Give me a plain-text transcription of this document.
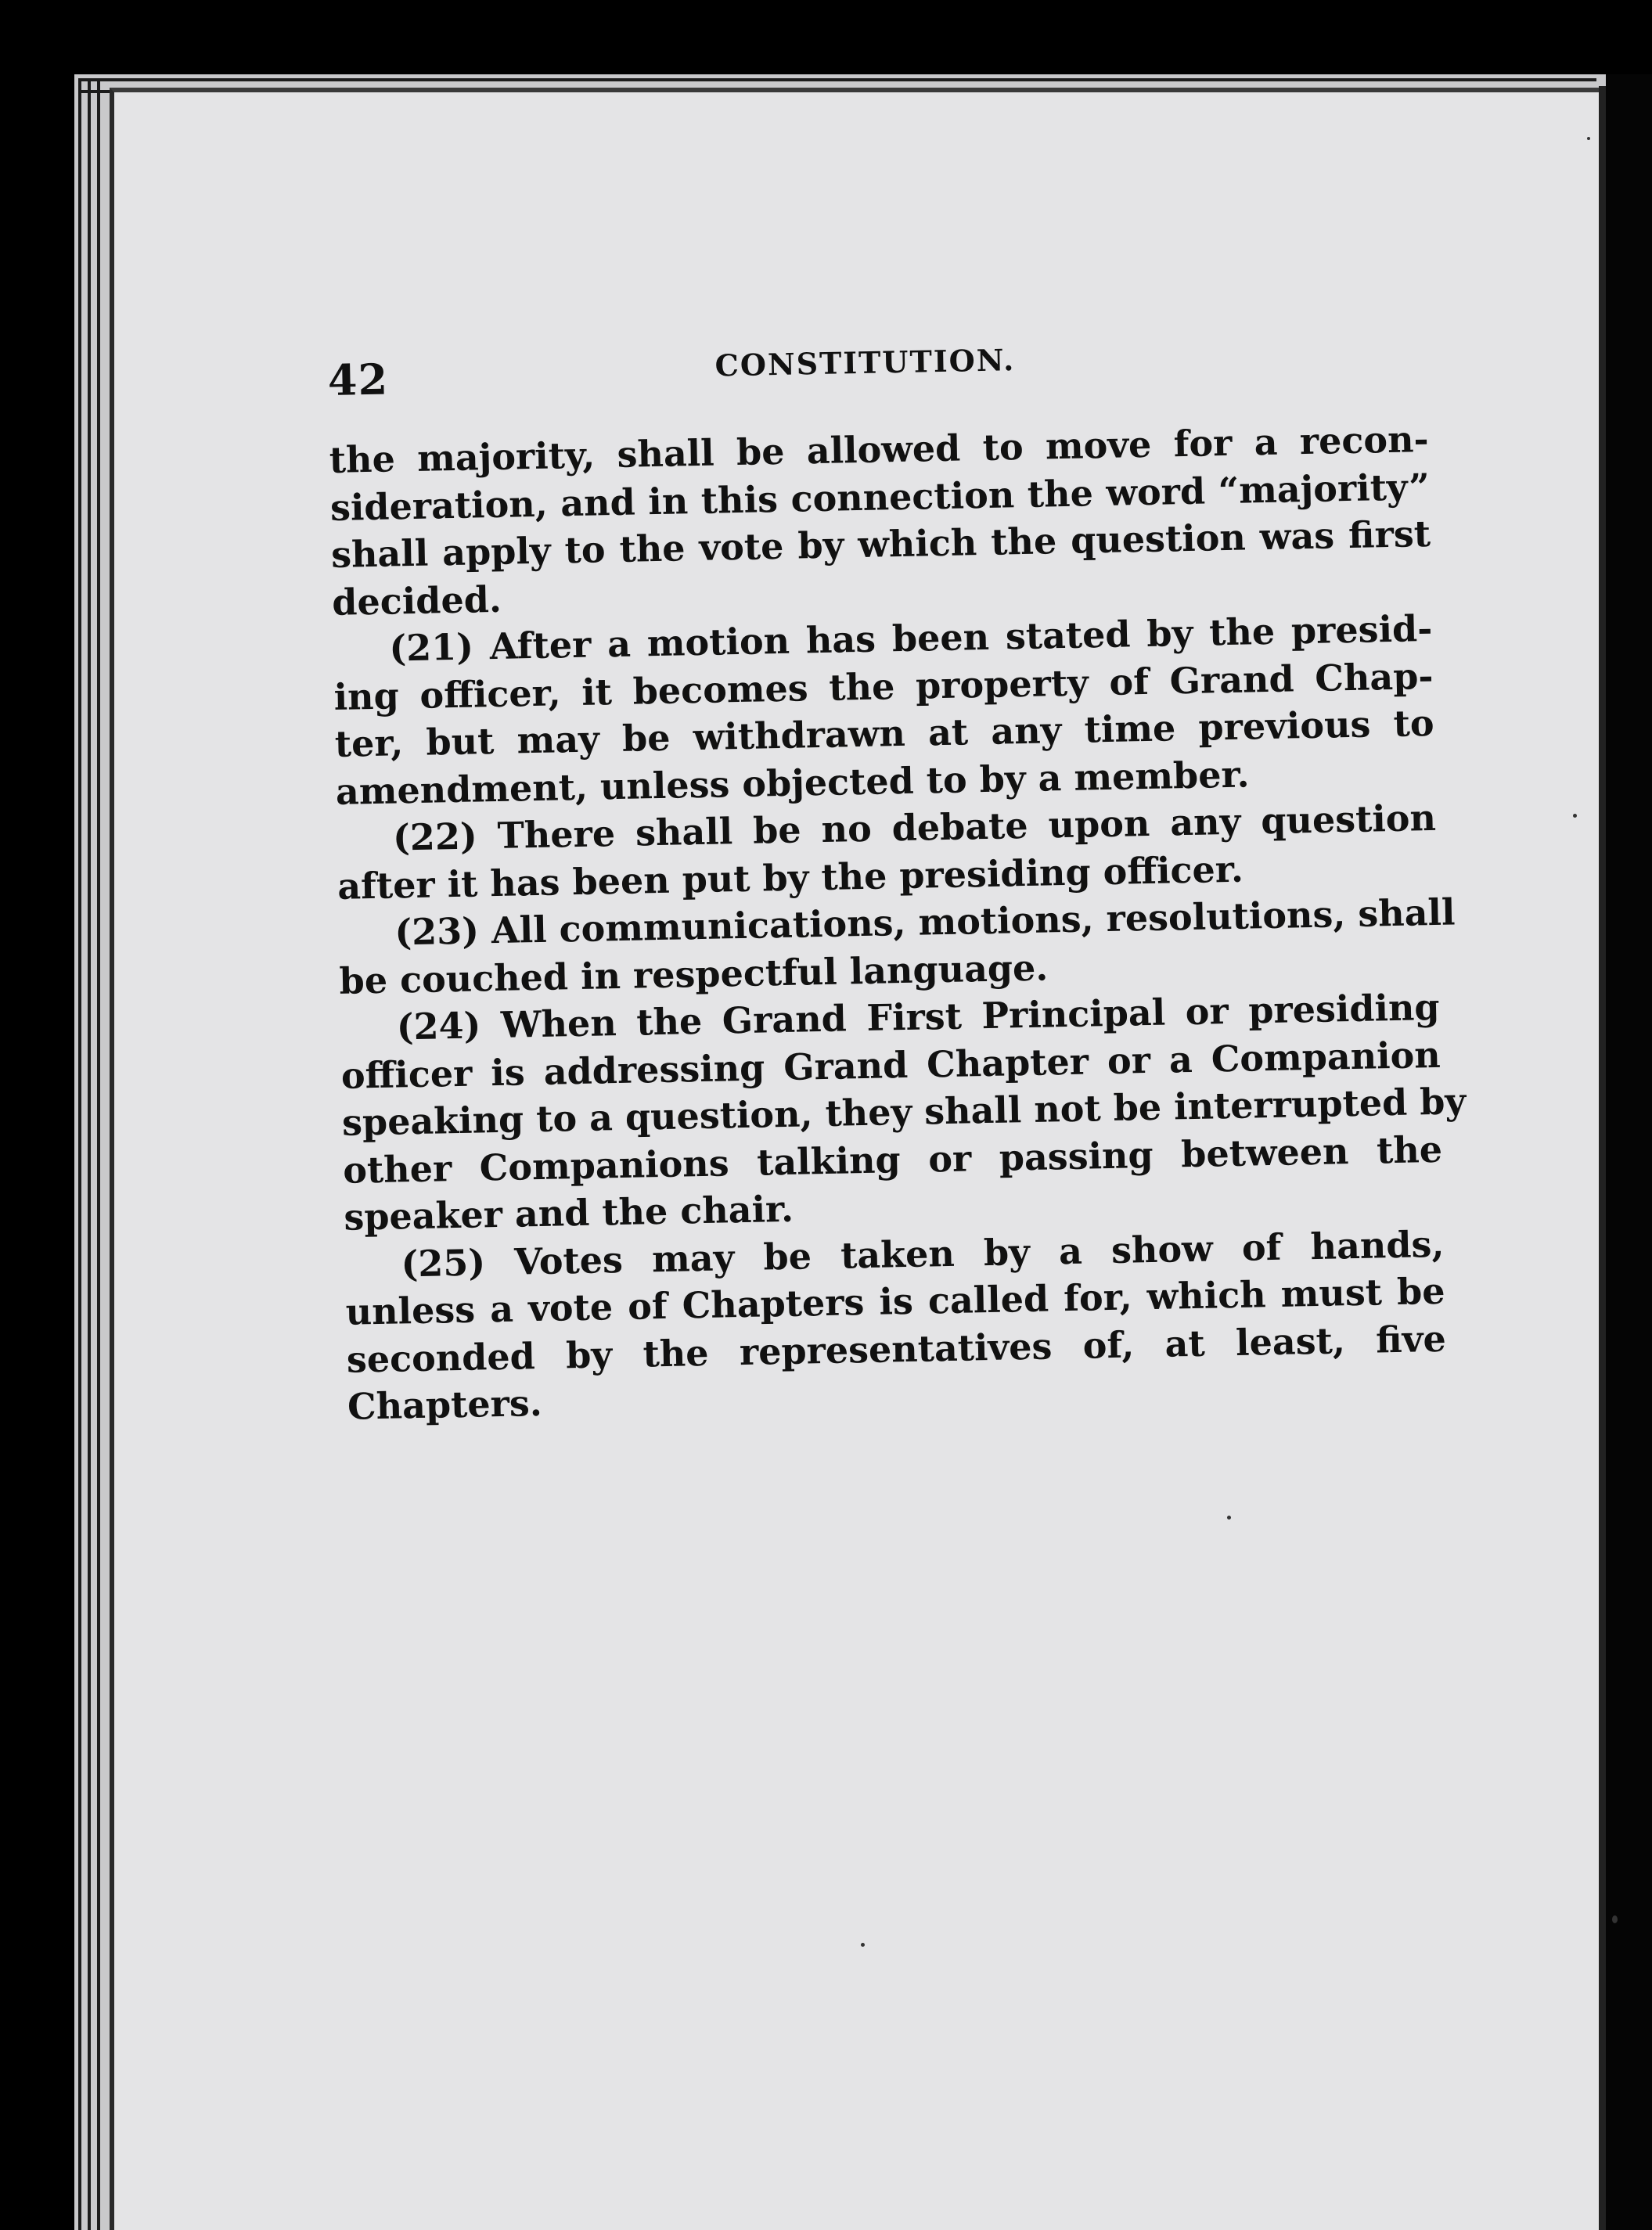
42	CONSTITUTION.

the majority, shall be allowed to move for a recon-
sideration, and in this connection the word “majority”
shall apply to the vote by which the question was first
decided.

(21) After a motion has been stated by the presid-
ing officer, it becomes the property of Grand Chap-
ter, but may be withdrawn at any time previous to
amendment, unless objected to by a member.

(22) There shall be no debate upon any question
after it has been put by the presiding officer.

(23) All communications, motions, resolutions, shall
be couched in respectful language.

(24) When the Grand First Principal or presiding
officer is addressing Grand Chapter or a Companion
speaking to a question, they shall not be interrupted by
other Companions talking or passing between the
speaker and the chair.

(25) Votes may be taken by a show of hands,
unless a vote of Chapters is called for, which must be
seconded by the representatives of, at least, five
Chapters.
